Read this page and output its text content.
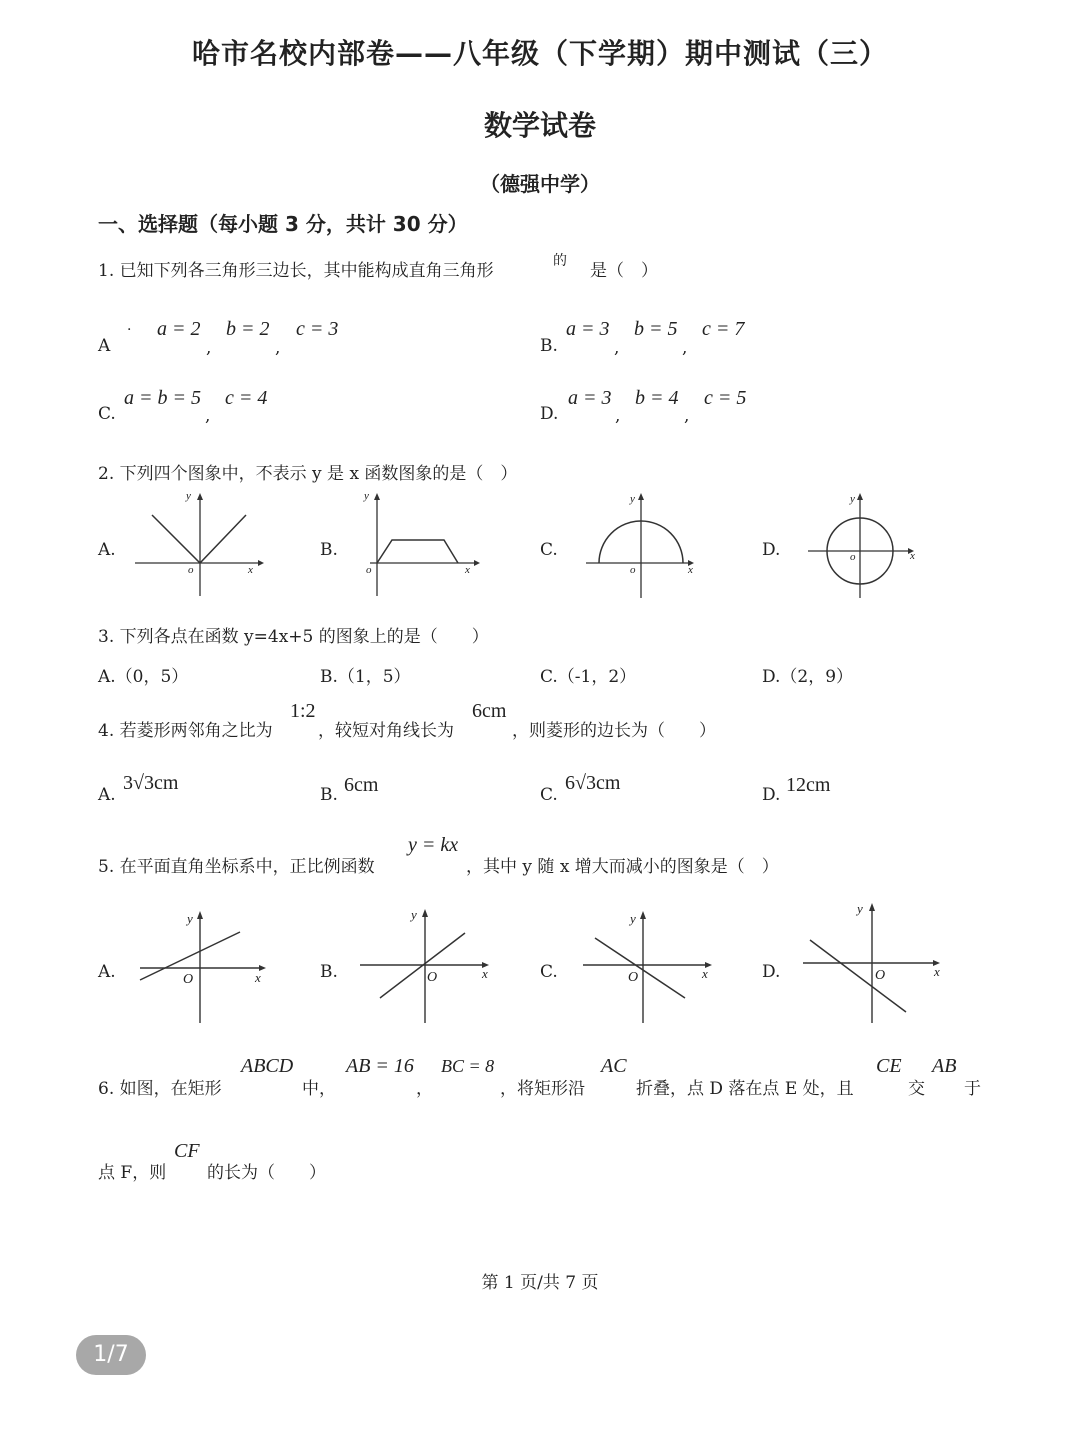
哈市名校内部卷——八年级（下学期）期中测试（三）
数学试卷
（德强中学）
一、选择题（每小题 3 分，共计 30 分）
1. 已知下列各三角形三边长，其中能构成直角三角形	的 是（　）
A
· a = 2
,
b = 2
,
c = 3
B.
a = 3
,
b = 5
,
c = 7
C.
a = b = 5
,
c = 4
D.
a = 3
,
b = 4
,
c = 5
2. 下列四个图象中，不表示 y 是 x 函数图象的是（　）
A.	B.	C.	D.
y
x
o
y
x
o
y
x
o
y
x
o
3. 下列各点在函数 y=4x+5 的图象上的是（　　）
A.（0，5）	B.（1，5）	C.（-1，2）	D.（2，9）
4. 若菱形两邻角之比为
1:2
，较短对角线长为
6cm
，则菱形的边长为（　　）
A.
3√3cm
B. 6cm	C.
6√3cm
D. 12cm
5. 在平面直角坐标系中，正比例函数
y = kx
，其中 y 随 x 增大而减小的图象是（　）
A.	B.	C.	D.
y
x
O
y
x
O
y
x
O
y
x
O
6. 如图，在矩形
ABCD
中，
AB = 16
，
BC = 8
，将矩形沿
AC
折叠，点 D 落在点 E 处，且
CE
交
AB
于
点 F，则
CF
的长为（　　）
第 1 页/共 7 页
1/7
